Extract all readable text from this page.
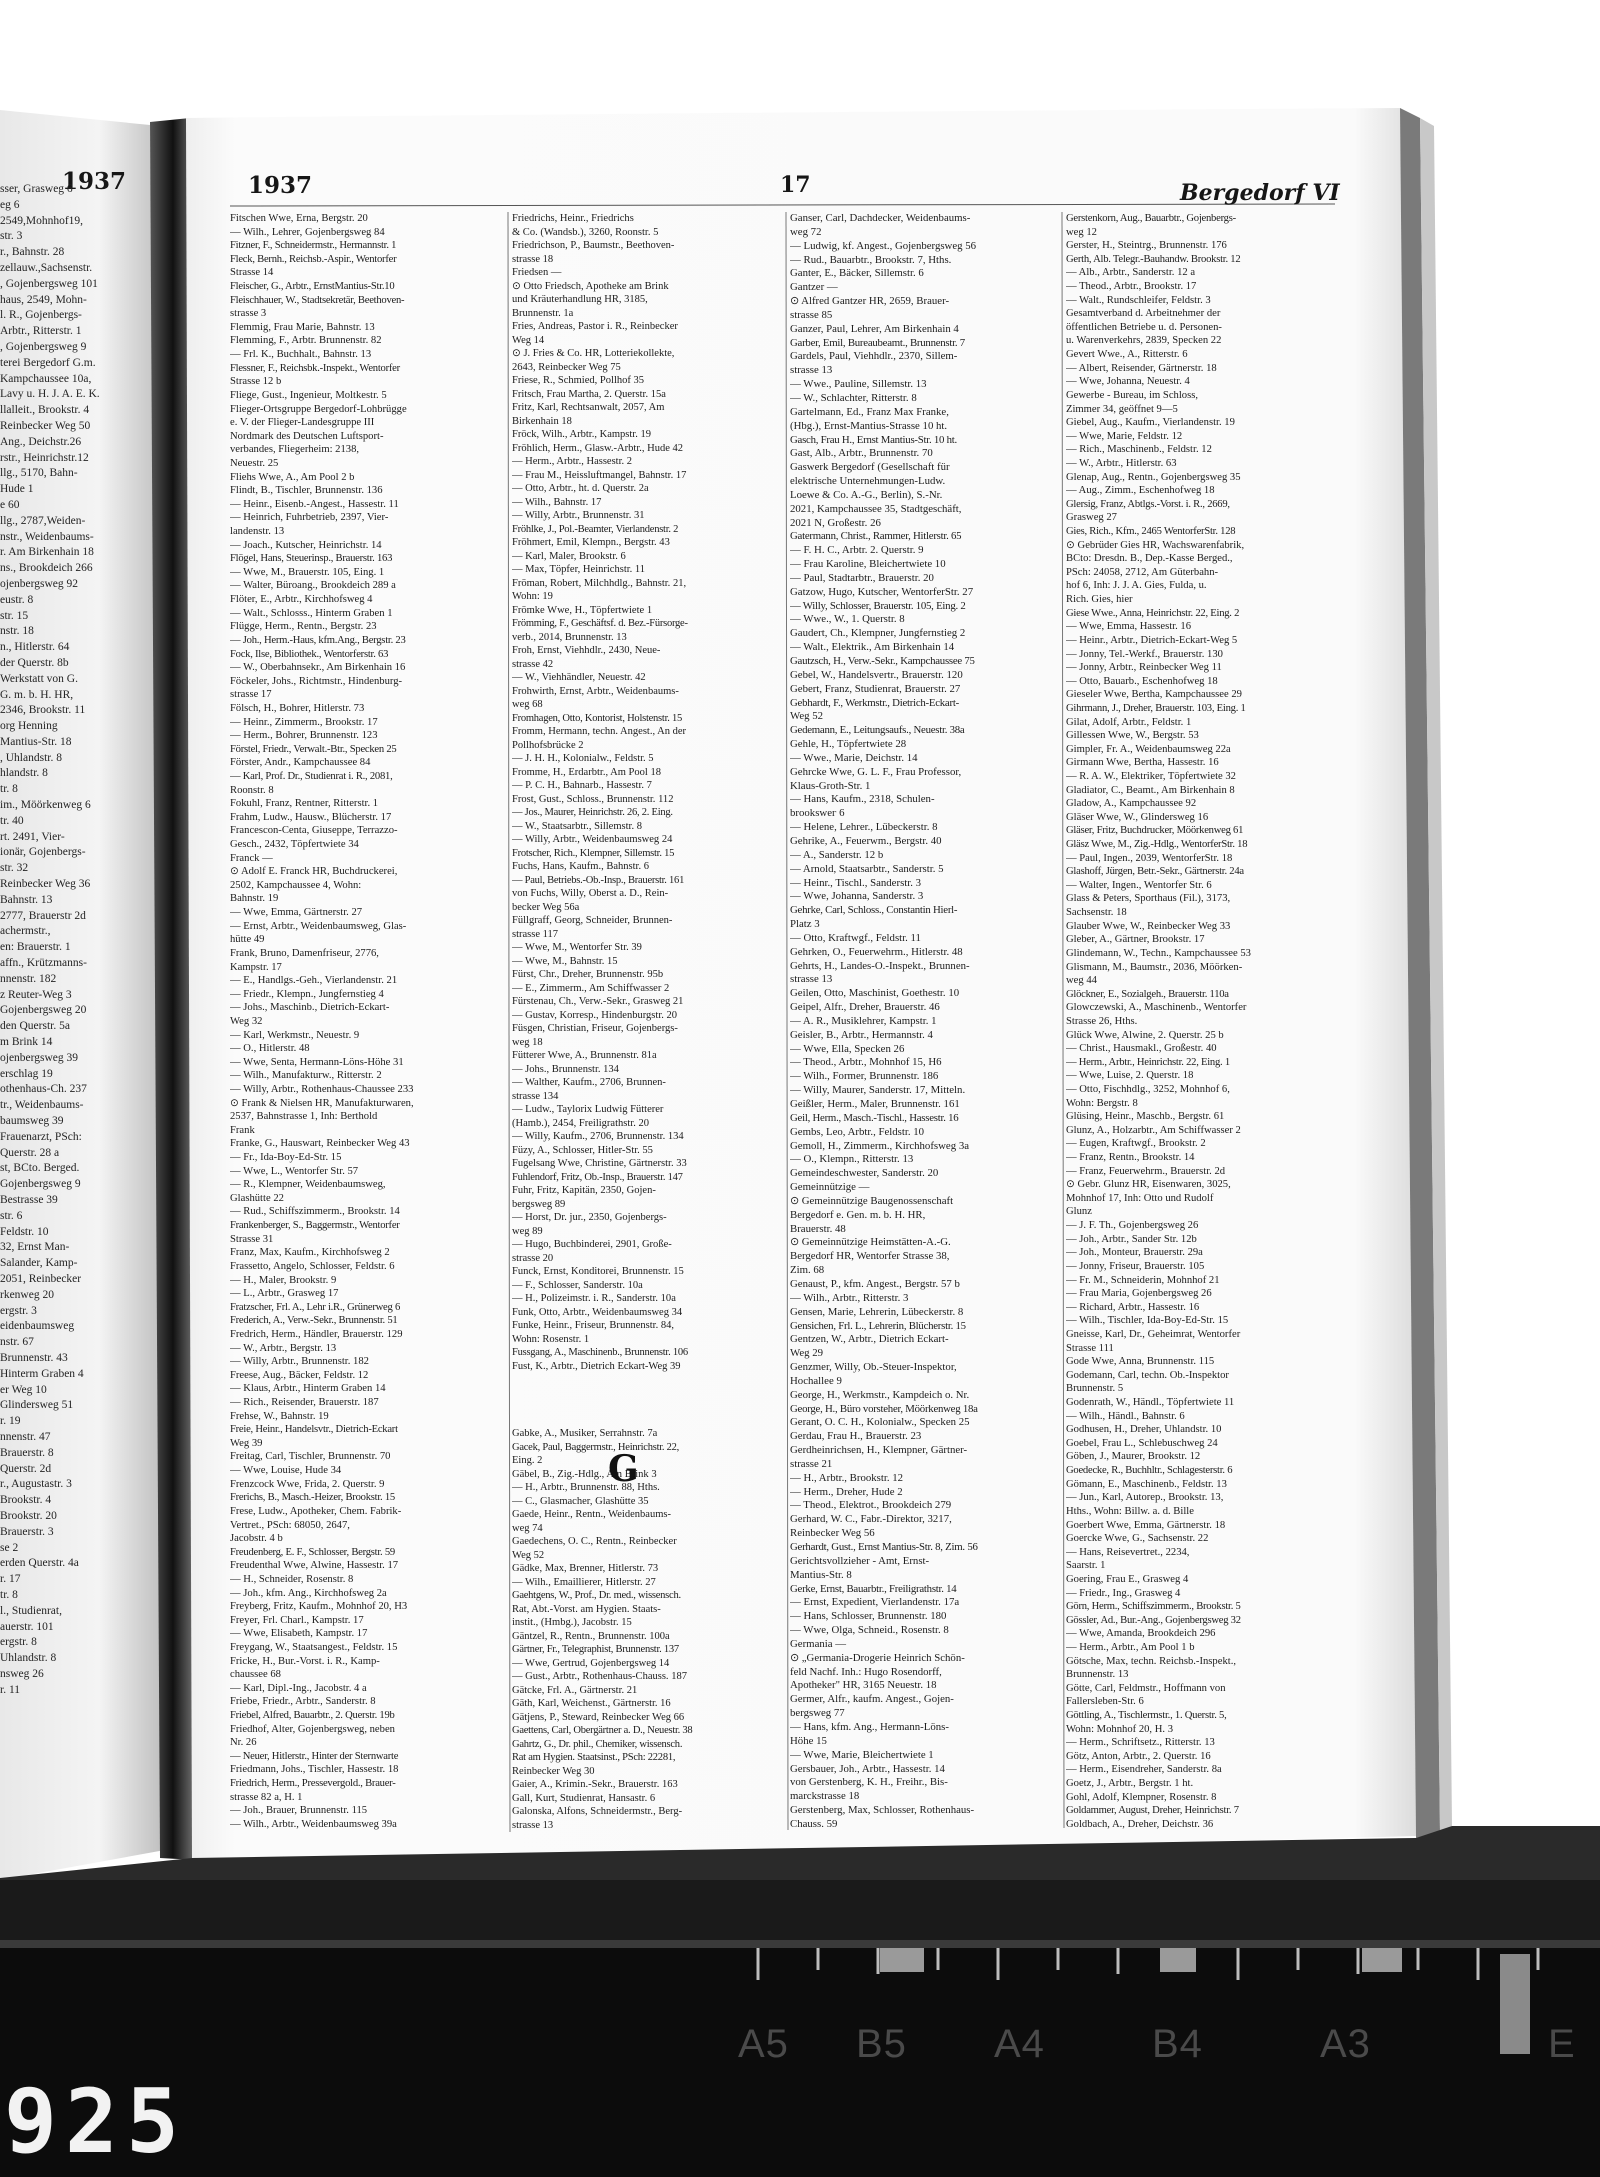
1937
sser, Grasweg 6
eg 6
2549,Mohnhof19,
str. 3
r., Bahnstr. 28
zellauw.,Sachsenstr.
, Gojenbergsweg 101
haus, 2549, Mohn-
l. R., Gojenbergs-
Arbtr., Ritterstr. 1
, Gojenbergsweg 9
terei Bergedorf G.m.
Kampchaussee 10a,
Lavy u. H. J. A. E. K.
llalleit., Brookstr. 4
Reinbecker Weg 50
Ang., Deichstr.26
rstr., Heinrichstr.12
llg., 5170, Bahn-
Hude 1
e 60
llg., 2787,Weiden-
nstr., Weidenbaums-
r. Am Birkenhain 18
ns., Brookdeich 266
ojenbergsweg 92
eustr. 8
str. 15
nstr. 18
n., Hitlerstr. 64
der Querstr. 8b
Werkstatt von G.
G. m. b. H. HR,
2346, Brookstr. 11
org Henning
Mantius-Str. 18
, Uhlandstr. 8
hlandstr. 8
tr. 8
im., Möörkenweg 6
tr. 40
rt. 2491, Vier-
ionär, Gojenbergs-
str. 32
Reinbecker Weg 36
Bahnstr. 13
2777, Brauerstr 2d
achermstr.,
en: Brauerstr. 1
affn., Krützmanns-
nnenstr. 182
z Reuter-Weg 3
Gojenbergsweg 20
den Querstr. 5a
m Brink 14
ojenbergsweg 39
erschlag 19
othenhaus-Ch. 237
tr., Weidenbaums-
baumsweg 39
Frauenarzt, PSch:
Querstr. 28 a
st, BCto. Berged.
Gojenbergsweg 9
Bestrasse 39
str. 6
Feldstr. 10
32, Ernst Man-
Salander, Kamp-
2051, Reinbecker
rkenweg 20
ergstr. 3
eidenbaumsweg
nstr. 67
Brunnenstr. 43
Hinterm Graben 4
er Weg 10
Glindersweg 51
r. 19
nnenstr. 47
Brauerstr. 8
Querstr. 2d
r., Augustastr. 3
Brookstr. 4
Brookstr. 20
Brauerstr. 3
se 2
erden Querstr. 4a
r. 17
tr. 8
l., Studienrat,
auerstr. 101
ergstr. 8
Uhlandstr. 8
nsweg 26
r. 11
1937	17	Bergedorf VI
Fitschen Wwe, Erna, Bergstr. 20
— Wilh., Lehrer, Gojenbergsweg 84
Fitzner, F., Schneidermstr., Hermannstr. 1
Fleck, Bernh., Reichsb.-Aspir., Wentorfer
Strasse 14
Fleischer, G., Arbtr., ErnstMantius-Str.10
Fleischhauer, W., Stadtsekretär, Beethoven-
strasse 3
Flemmig, Frau Marie, Bahnstr. 13
Flemming, F., Arbtr. Brunnenstr. 82
— Frl. K., Buchhalt., Bahnstr. 13
Flessner, F., Reichsbk.-Inspekt., Wentorfer
Strasse 12 b
Fliege, Gust., Ingenieur, Moltkestr. 5
Flieger-Ortsgruppe Bergedorf-Lohbrügge
e. V. der Flieger-Landesgruppe III
Nordmark des Deutschen Luftsport-
verbandes, Fliegerheim: 2138,
Neuestr. 25
Fliehs Wwe, A., Am Pool 2 b
Flindt, B., Tischler, Brunnenstr. 136
— Heinr., Eisenb.-Angest., Hassestr. 11
— Heinrich, Fuhrbetrieb, 2397, Vier-
landenstr. 13
— Joach., Kutscher, Heinrichstr. 14
Flögel, Hans, Steuerinsp., Brauerstr. 163
— Wwe, M., Brauerstr. 105, Eing. 1
— Walter, Büroang., Brookdeich 289 a
Flöter, E., Arbtr., Kirchhofsweg 4
— Walt., Schlosss., Hinterm Graben 1
Flügge, Herm., Rentn., Bergstr. 23
— Joh., Herm.-Haus, kfm.Ang., Bergstr. 23
Fock, Ilse, Bibliothek., Wentorferstr. 63
— W., Oberbahnsekr., Am Birkenhain 16
Föckeler, Johs., Richtmstr., Hindenburg-
strasse 17
Fölsch, H., Bohrer, Hitlerstr. 73
— Heinr., Zimmerm., Brookstr. 17
— Herm., Bohrer, Brunnenstr. 123
Förstel, Friedr., Verwalt.-Btr., Specken 25
Förster, Andr., Kampchaussee 84
— Karl, Prof. Dr., Studienrat i. R., 2081,
Roonstr. 8
Fokuhl, Franz, Rentner, Ritterstr. 1
Frahm, Ludw., Hausw., Blücherstr. 17
Francescon-Centa, Giuseppe, Terrazzo-
Gesch., 2432, Töpfertwiete 34
Franck —
⊙ Adolf E. Franck HR, Buchdruckerei,
2502, Kampchaussee 4, Wohn:
Bahnstr. 19
— Wwe, Emma, Gärtnerstr. 27
— Ernst, Arbtr., Weidenbaumsweg, Glas-
hütte 49
Frank, Bruno, Damenfriseur, 2776,
Kampstr. 17
— E., Handlgs.-Geh., Vierlandenstr. 21
— Friedr., Klempn., Jungfernstieg 4
— Johs., Maschinb., Dietrich-Eckart-
Weg 32
— Karl, Werkmstr., Neuestr. 9
— O., Hitlerstr. 48
— Wwe, Senta, Hermann-Löns-Höhe 31
— Wilh., Manufakturw., Ritterstr. 2
— Willy, Arbtr., Rothenhaus-Chaussee 233
⊙ Frank & Nielsen HR, Manufakturwaren,
2537, Bahnstrasse 1, Inh: Berthold
Frank
Franke, G., Hauswart, Reinbecker Weg 43
— Fr., Ida-Boy-Ed-Str. 15
— Wwe, L., Wentorfer Str. 57
— R., Klempner, Weidenbaumsweg,
Glashütte 22
— Rud., Schiffszimmerm., Brookstr. 14
Frankenberger, S., Baggermstr., Wentorfer
Strasse 31
Franz, Max, Kaufm., Kirchhofsweg 2
Frassetto, Angelo, Schlosser, Feldstr. 6
— H., Maler, Brookstr. 9
— L., Arbtr., Grasweg 17
Fratzscher, Frl. A., Lehr i.R., Grünerweg 6
Frederich, A., Verw.-Sekr., Brunnenstr. 51
Fredrich, Herm., Händler, Brauerstr. 129
— W., Arbtr., Bergstr. 13
— Willy, Arbtr., Brunnenstr. 182
Freese, Aug., Bäcker, Feldstr. 12
— Klaus, Arbtr., Hinterm Graben 14
— Rich., Reisender, Brauerstr. 187
Frehse, W., Bahnstr. 19
Freie, Heinr., Handelsvtr., Dietrich-Eckart
Weg 39
Freitag, Carl, Tischler, Brunnenstr. 70
— Wwe, Louise, Hude 34
Frenzcock Wwe, Frida, 2. Querstr. 9
Frerichs, B., Masch.-Heizer, Brookstr. 15
Frese, Ludw., Apotheker, Chem. Fabrik-
Vertret., PSch: 68050, 2647,
Jacobstr. 4 b
Freudenberg, E. F., Schlosser, Bergstr. 59
Freudenthal Wwe, Alwine, Hassestr. 17
— H., Schneider, Rosenstr. 8
— Joh., kfm. Ang., Kirchhofsweg 2a
Freyberg, Fritz, Kaufm., Mohnhof 20, H3
Freyer, Frl. Charl., Kampstr. 17
— Wwe, Elisabeth, Kampstr. 17
Freygang, W., Staatsangest., Feldstr. 15
Fricke, H., Bur.-Vorst. i. R., Kamp-
chaussee 68
— Karl, Dipl.-Ing., Jacobstr. 4 a
Friebe, Friedr., Arbtr., Sanderstr. 8
Friebel, Alfred, Bauarbtr., 2. Querstr. 19b
Friedhof, Alter, Gojenbergsweg, neben
Nr. 26
— Neuer, Hitlerstr., Hinter der Sternwarte
Friedmann, Johs., Tischler, Hassestr. 18
Friedrich, Herm., Pressevergold., Brauer-
strasse 82 a, H. 1
— Joh., Brauer, Brunnenstr. 115
— Wilh., Arbtr., Weidenbaumsweg 39a
Friedrichs, Heinr., Friedrichs
& Co. (Wandsb.), 3260, Roonstr. 5
Friedrichson, P., Baumstr., Beethoven-
strasse 18
Friedsen —
⊙ Otto Friedsch, Apotheke am Brink
und Kräuterhandlung HR, 3185,
Brunnenstr. 1a
Fries, Andreas, Pastor i. R., Reinbecker
Weg 14
⊙ J. Fries & Co. HR, Lotteriekollekte,
2643, Reinbecker Weg 75
Friese, R., Schmied, Pollhof 35
Fritsch, Frau Martha, 2. Querstr. 15a
Fritz, Karl, Rechtsanwalt, 2057, Am
Birkenhain 18
Fröck, Wilh., Arbtr., Kampstr. 19
Fröhlich, Herm., Glasw.-Arbtr., Hude 42
— Herm., Arbtr., Hassestr. 2
— Frau M., Heissluftmangel, Bahnstr. 17
— Otto, Arbtr., ht. d. Querstr. 2a
— Wilh., Bahnstr. 17
— Willy, Arbtr., Brunnenstr. 31
Fröhlke, J., Pol.-Beamter, Vierlandenstr. 2
Fröhmert, Emil, Klempn., Bergstr. 43
— Karl, Maler, Brookstr. 6
— Max, Töpfer, Heinrichstr. 11
Fröman, Robert, Milchhdlg., Bahnstr. 21,
Wohn: 19
Frömke Wwe, H., Töpfertwiete 1
Frömming, F., Geschäftsf. d. Bez.-Fürsorge-
verb., 2014, Brunnenstr. 13
Froh, Ernst, Viehhdlr., 2430, Neue-
strasse 42
— W., Viehhändler, Neuestr. 42
Frohwirth, Ernst, Arbtr., Weidenbaums-
weg 68
Fromhagen, Otto, Kontorist, Holstenstr. 15
Fromm, Hermann, techn. Angest., An der
Pollhofsbrücke 2
— J. H. H., Kolonialw., Feldstr. 5
Fromme, H., Erdarbtr., Am Pool 18
— P. C. H., Bahnarb., Hassestr. 7
Frost, Gust., Schloss., Brunnenstr. 112
— Jos., Maurer, Heinrichstr. 26, 2. Eing.
— W., Staatsarbtr., Sillemstr. 8
— Willy, Arbtr., Weidenbaumsweg 24
Frotscher, Rich., Klempner, Sillemstr. 15
Fuchs, Hans, Kaufm., Bahnstr. 6
— Paul, Betriebs.-Ob.-Insp., Brauerstr. 161
von Fuchs, Willy, Oberst a. D., Rein-
becker Weg 56a
Füllgraff, Georg, Schneider, Brunnen-
strasse 117
— Wwe, M., Wentorfer Str. 39
— Wwe, M., Bahnstr. 15
Fürst, Chr., Dreher, Brunnenstr. 95b
— E., Zimmerm., Am Schiffwasser 2
Fürstenau, Ch., Verw.-Sekr., Grasweg 21
— Gustav, Korresp., Hindenburgstr. 20
Füsgen, Christian, Friseur, Gojenbergs-
weg 18
Fütterer Wwe, A., Brunnenstr. 81a
— Johs., Brunnenstr. 134
— Walther, Kaufm., 2706, Brunnen-
strasse 134
— Ludw., Taylorix Ludwig Fütterer
(Hamb.), 2454, Freiligrathstr. 20
— Willy, Kaufm., 2706, Brunnenstr. 134
Füzy, A., Schlosser, Hitler-Str. 55
Fugelsang Wwe, Christine, Gärtnerstr. 33
Fuhlendorf, Fritz, Ob.-Insp., Brauerstr. 147
Fuhr, Fritz, Kapitän, 2350, Gojen-
bergsweg 89
— Horst, Dr. jur., 2350, Gojenbergs-
weg 89
— Hugo, Buchbinderei, 2901, Große-
strasse 20
Funck, Ernst, Konditorei, Brunnenstr. 15
— F., Schlosser, Sanderstr. 10a
— H., Polizeimstr. i. R., Sanderstr. 10a
Funk, Otto, Arbtr., Weidenbaumsweg 34
Funke, Heinr., Friseur, Brunnenstr. 84,
Wohn: Rosenstr. 1
Fussgang, A., Maschinenb., Brunnenstr. 106
Fust, K., Arbtr., Dietrich Eckart-Weg 39

Gabke, A., Musiker, Serrahnstr. 7a
Gacek, Paul, Baggermstr., Heinrichstr. 22,
Eing. 2
Gäbel, B., Zig.-Hdlg., Am Brink 3
— H., Arbtr., Brunnenstr. 88, Hths.
— C., Glasmacher, Glashütte 35
Gaede, Heinr., Rentn., Weidenbaums-
weg 74
Gaedechens, O. C., Rentn., Reinbecker
Weg 52
Gädke, Max, Brenner, Hitlerstr. 73
— Wilh., Emaillierer, Hitlerstr. 27
Gaehtgens, W., Prof., Dr. med., wissensch.
Rat, Abt.-Vorst. am Hygien. Staats-
instit., (Hmbg.), Jacobstr. 15
Gäntzel, R., Rentn., Brunnenstr. 100a
Gärtner, Fr., Telegraphist, Brunnenstr. 137
— Wwe, Gertrud, Gojenbergsweg 14
— Gust., Arbtr., Rothenhaus-Chauss. 187
Gätcke, Frl. A., Gärtnerstr. 21
Gäth, Karl, Weichenst., Gärtnerstr. 16
Gätjens, P., Steward, Reinbecker Weg 66
Gaettens, Carl, Obergärtner a. D., Neuestr. 38
Gahrtz, G., Dr. phil., Chemiker, wissensch.
Rat am Hygien. Staatsinst., PSch: 22281,
Reinbecker Weg 30
Gaier, A., Krimin.-Sekr., Brauerstr. 163
Gall, Kurt, Studienrat, Hansastr. 6
Galonska, Alfons, Schneidermstr., Berg-
strasse 13
Ganser, Carl, Dachdecker, Weidenbaums-
weg 72
— Ludwig, kf. Angest., Gojenbergsweg 56
— Rud., Bauarbtr., Brookstr. 7, Hths.
Ganter, E., Bäcker, Sillemstr. 6
Gantzer —
⊙ Alfred Gantzer HR, 2659, Brauer-
strasse 85
Ganzer, Paul, Lehrer, Am Birkenhain 4
Garber, Emil, Bureaubeamt., Brunnenstr. 7
Gardels, Paul, Viehhdlr., 2370, Sillem-
strasse 13
— Wwe., Pauline, Sillemstr. 13
— W., Schlachter, Ritterstr. 8
Gartelmann, Ed., Franz Max Franke,
(Hbg.), Ernst-Mantius-Strasse 10 ht.
Gasch, Frau H., Ernst Mantius-Str. 10 ht.
Gast, Alb., Arbtr., Brunnenstr. 70
Gaswerk Bergedorf (Gesellschaft für
elektrische Unternehmungen-Ludw.
Loewe & Co. A.-G., Berlin), S.-Nr.
2021, Kampchaussee 35, Stadtgeschäft,
2021 N, Großestr. 26
Gatermann, Christ., Rammer, Hitlerstr. 65
— F. H. C., Arbtr. 2. Querstr. 9
— Frau Karoline, Bleichertwiete 10
— Paul, Stadtarbtr., Brauerstr. 20
Gatzow, Hugo, Kutscher, WentorferStr. 27
— Willy, Schlosser, Brauerstr. 105, Eing. 2
— Wwe., W., 1. Querstr. 8
Gaudert, Ch., Klempner, Jungfernstieg 2
— Walt., Elektrik., Am Birkenhain 14
Gautzsch, H., Verw.-Sekr., Kampchaussee 75
Gebel, W., Handelsvertr., Brauerstr. 120
Gebert, Franz, Studienrat, Brauerstr. 27
Gebhardt, F., Werkmstr., Dietrich-Eckart-
Weg 52
Gedemann, E., Leitungsaufs., Neuestr. 38a
Gehle, H., Töpfertwiete 28
— Wwe., Marie, Deichstr. 14
Gehrcke Wwe, G. L. F., Frau Professor,
Klaus-Groth-Str. 1
— Hans, Kaufm., 2318, Schulen-
brookswег 6
— Helene, Lehrer., Lübeckerstr. 8
Gehrike, A., Feuerwm., Bergstr. 40
— A., Sanderstr. 12 b
— Arnold, Staatsarbtr., Sanderstr. 5
— Heinr., Tischl., Sanderstr. 3
— Wwe, Johanna, Sanderstr. 3
Gehrke, Carl, Schloss., Constantin Hierl-
Platz 3
— Otto, Kraftwgf., Feldstr. 11
Gehrken, O., Feuerwehrm., Hitlerstr. 48
Gehrts, H., Landes-O.-Inspekt., Brunnen-
strasse 13
Geilen, Otto, Maschinist, Goethestr. 10
Geipel, Alfr., Dreher, Brauerstr. 46
— A. R., Musiklehrer, Kampstr. 1
Geisler, B., Arbtr., Hermannstr. 4
— Wwe, Ella, Specken 26
— Theod., Arbtr., Mohnhof 15, H6
— Wilh., Former, Brunnenstr. 186
— Willy, Maurer, Sanderstr. 17, Mitteln.
Geißler, Herm., Maler, Brunnenstr. 161
Geil, Herm., Masch.-Tischl., Hassestr. 16
Gembs, Leo, Arbtr., Feldstr. 10
Gemoll, H., Zimmerm., Kirchhofsweg 3a
— O., Klempn., Ritterstr. 13
Gemeindeschwester, Sanderstr. 20
Gemeinnützige —
⊙ Gemeinnützige Baugenossenschaft
Bergedorf e. Gen. m. b. H. HR,
Brauerstr. 48
⊙ Gemeinnützige Heimstätten-A.-G.
Bergedorf HR, Wentorfer Strasse 38,
Zim. 68
Genaust, P., kfm. Angest., Bergstr. 57 b
— Wilh., Arbtr., Ritterstr. 3
Gensen, Marie, Lehrerin, Lübeckerstr. 8
Gensichen, Frl. L., Lehrerin, Blücherstr. 15
Gentzen, W., Arbtr., Dietrich Eckart-
Weg 29
Genzmer, Willy, Ob.-Steuer-Inspektor,
Hochallee 9
George, H., Werkmstr., Kampdeich o. Nr.
George, H., Büro vorsteher, Möörkenweg 18a
Gerant, O. C. H., Kolonialw., Specken 25
Gerdau, Frau H., Brauerstr. 23
Gerdheinrichsen, H., Klempner, Gärtner-
strasse 21
— H., Arbtr., Brookstr. 12
— Herm., Dreher, Hude 2
— Theod., Elektrot., Brookdeich 279
Gerhard, W. C., Fabr.-Direktor, 3217,
Reinbecker Weg 56
Gerhardt, Gust., Ernst Mantius-Str. 8, Zim. 56
Gerichtsvollzieher - Amt, Ernst-
Mantius-Str. 8
Gerke, Ernst, Bauarbtr., Freiligrathstr. 14
— Ernst, Expedient, Vierlandenstr. 17a
— Hans, Schlosser, Brunnenstr. 180
— Wwe, Olga, Schneid., Rosenstr. 8
Germania —
⊙ „Germania-Drogerie Heinrich Schön-
feld Nachf. Inh.: Hugo Rosendorff,
Apotheker" HR, 3165 Neuestr. 18
Germer, Alfr., kaufm. Angest., Gojen-
bergsweg 77
— Hans, kfm. Ang., Hermann-Löns-
Höhe 15
— Wwe, Marie, Bleichertwiete 1
Gersbauer, Joh., Arbtr., Hassestr. 14
von Gerstenberg, K. H., Freihr., Bis-
marckstrasse 18
Gerstenberg, Max, Schlosser, Rothenhaus-
Chauss. 59
Gerstenkorn, Aug., Bauarbtr., Gojenbergs-
weg 12
Gerster, H., Steintrg., Brunnenstr. 176
Gerth, Alb. Telegr.-Bauhandw. Brookstr. 12
— Alb., Arbtr., Sanderstr. 12 a
— Theod., Arbtr., Brookstr. 17
— Walt., Rundschleifer, Feldstr. 3
Gesamtverband d. Arbeitnehmer der
öffentlichen Betriebe u. d. Personen-
u. Warenverkehrs, 2839, Specken 22
Gevert Wwe., A., Ritterstr. 6
— Albert, Reisender, Gärtnerstr. 18
— Wwe, Johanna, Neuestr. 4
Gewerbe - Bureau, im Schloss,
Zimmer 34, geöffnet 9—5
Giebel, Aug., Kaufm., Vierlandenstr. 19
— Wwe, Marie, Feldstr. 12
— Rich., Maschinenb., Feldstr. 12
— W., Arbtr., Hitlerstr. 63
Glenap, Aug., Rentn., Gojenbergsweg 35
— Aug., Zimm., Eschenhofweg 18
Glersig, Franz, Abtlgs.-Vorst. i. R., 2669,
Grasweg 27
Gies, Rich., Kfm., 2465 WentorferStr. 128
⊙ Gebrüder Gies HR, Wachswarenfabrik,
BCto: Dresdn. B., Dep.-Kasse Berged.,
PSch: 24058, 2712, Am Güterbahn-
hof 6, Inh: J. J. A. Gies, Fulda, u.
Rich. Gies, hier
Giese Wwe., Anna, Heinrichstr. 22, Eing. 2
— Wwe, Emma, Hassestr. 16
— Heinr., Arbtr., Dietrich-Eckart-Weg 5
— Jonny, Tel.-Werkf., Brauerstr. 130
— Jonny, Arbtr., Reinbecker Weg 11
— Otto, Bauarb., Eschenhofweg 18
Gieseler Wwe, Bertha, Kampchaussee 29
Gihrmann, J., Dreher, Brauerstr. 103, Eing. 1
Gilat, Adolf, Arbtr., Feldstr. 1
Gillessen Wwe, W., Bergstr. 53
Gimpler, Fr. A., Weidenbaumsweg 22a
Girmann Wwe, Bertha, Hassestr. 16
— R. A. W., Elektriker, Töpfertwiete 32
Gladiator, C., Beamt., Am Birkenhain 8
Gladow, A., Kampchaussee 92
Gläser Wwe, W., Glindersweg 16
Gläser, Fritz, Buchdrucker, Möörkenweg 61
Gläsz Wwe, M., Zig.-Hdlg., WentorferStr. 18
— Paul, Ingen., 2039, WentorferStr. 18
Glashoff, Jürgen, Betr.-Sekr., Gärtnerstr. 24a
— Walter, Ingen., Wentorfer Str. 6
Glass & Peters, Sporthaus (Fil.), 3173,
Sachsenstr. 18
Glauber Wwe, W., Reinbecker Weg 33
Gleber, A., Gärtner, Brookstr. 17
Glindemann, W., Techn., Kampchaussee 53
Glismann, M., Baumstr., 2036, Möörken-
weg 44
Glöckner, E., Sozialgeh., Brauerstr. 110a
Glowczewski, A., Maschinenb., Wentorfer
Strasse 26, Hths.
Glück Wwe, Alwine, 2. Querstr. 25 b
— Christ., Hausmakl., Großestr. 40
— Herm., Arbtr., Heinrichstr. 22, Eing. 1
— Wwe, Luise, 2. Querstr. 18
— Otto, Fischhdlg., 3252, Mohnhof 6,
Wohn: Bergstr. 8
Glüsing, Heinr., Maschb., Bergstr. 61
Glunz, A., Holzarbtr., Am Schiffwasser 2
— Eugen, Kraftwgf., Brookstr. 2
— Franz, Rentn., Brookstr. 14
— Franz, Feuerwehrm., Brauerstr. 2d
⊙ Gebr. Glunz HR, Eisenwaren, 3025,
Mohnhof 17, Inh: Otto und Rudolf
Glunz
— J. F. Th., Gojenbergsweg 26
— Joh., Arbtr., Sander Str. 12b
— Joh., Monteur, Brauerstr. 29a
— Jonny, Friseur, Brauerstr. 105
— Fr. M., Schneiderin, Mohnhof 21
— Frau Maria, Gojenbergsweg 26
— Richard, Arbtr., Hassestr. 16
— Wilh., Tischler, Ida-Boy-Ed-Str. 15
Gneisse, Karl, Dr., Geheimrat, Wentorfer
Strasse 111
Gode Wwe, Anna, Brunnenstr. 115
Godemann, Carl, techn. Ob.-Inspektor
Brunnenstr. 5
Godenrath, W., Händl., Töpfertwiete 11
— Wilh., Händl., Bahnstr. 6
Godhusen, H., Dreher, Uhlandstr. 10
Goebel, Frau L., Schlebuschweg 24
Göben, J., Maurer, Brookstr. 12
Goedecke, R., Buchhltr., Schlagesterstr. 6
Gömann, E., Maschinenb., Feldstr. 13
— Jun., Karl, Autorep., Brookstr. 13,
Hths., Wohn: Billw. a. d. Bille
Goerbert Wwe, Emma, Gärtnerstr. 18
Goercke Wwe, G., Sachsenstr. 22
— Hans, Reisevertret., 2234,
Saarstr. 1
Goering, Frau E., Grasweg 4
— Friedr., Ing., Grasweg 4
Görn, Herm., Schiffszimmerm., Brookstr. 5
Gössler, Ad., Bur.-Ang., Gojenbergsweg 32
— Wwe, Amanda, Brookdeich 296
— Herm., Arbtr., Am Pool 1 b
Götsche, Max, techn. Reichsb.-Inspekt.,
Brunnenstr. 13
Götte, Carl, Feldmstr., Hoffmann von
Fallersleben-Str. 6
Göttling, A., Tischlermstr., 1. Querstr. 5,
Wohn: Mohnhof 20, H. 3
— Herm., Schriftsetz., Ritterstr. 13
Götz, Anton, Arbtr., 2. Querstr. 16
— Herm., Eisendreher, Sanderstr. 8a
Goetz, J., Arbtr., Bergstr. 1 ht.
Gohl, Adolf, Klempner, Rosenstr. 8
Goldammer, August, Dreher, Heinrichstr. 7
Goldbach, A., Dreher, Deichstr. 36
G
A5 B5 A4	B4	A3	E
925
